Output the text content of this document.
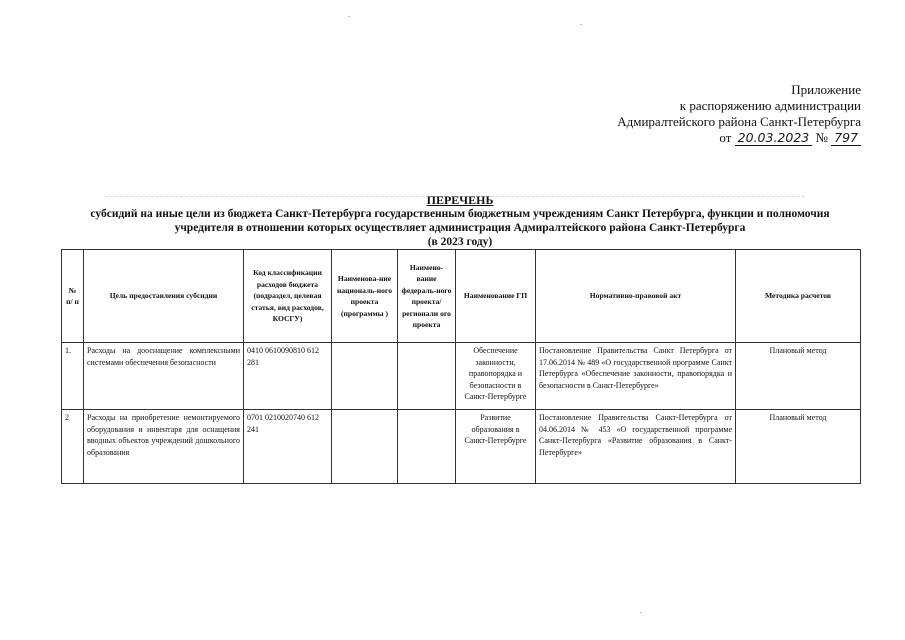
Приложение
к распоряжению администрации
Адмиралтейского района Санкт-Петербурга
от 20.03.2023 № 797
ПЕРЕЧЕНЬ
субсидий на иные цели из бюджета Санкт-Петербурга государственным бюджетным учреждениям Санкт Петербурга, функции и полномочия
учредителя в отношении которых осуществляет администрация Адмиралтейского района Санкт-Петербурга
(в 2023 году)
№ п/ п	Цель предоставления субсидии	Код классификации расходов бюджета (подраздел, целевая статья, вид расходов, КОСГУ)	Наименова-ние националь-ного проекта (программы )	Наимено-вание федераль-ного проекта/ регионали ого проекта	Наименование ГП	Нормативно-правовой акт	Методика расчетов
1.	Расходы на дооснащение комплексными системами обеспечения безопасности	0410 0610090810 612 281			Обеспечение законности, правопорядка и безопасности в Санкт-Петербурге	Постановление Правительства Санкт Петербурга от 17.06.2014 № 489 «О государственной программе Санкт Петербурга «Обеспечение законности, правопорядка и безопасности в Санкт-Петербурге»	Плановый метод
2	Расходы на приобретение немонтируемого оборудования и инвентаря для оснащения вводных объектов учреждений дошкольного образования	0701 0210020740 612 241			Развитие образования в Санкт-Петербурге	Постановление Правительства Санкт-Петербурга от 04.06.2014 № 453 «О государственной программе Санкт-Петербурга «Развитие образования в Санкт-Петербурге»	Плановый метод
